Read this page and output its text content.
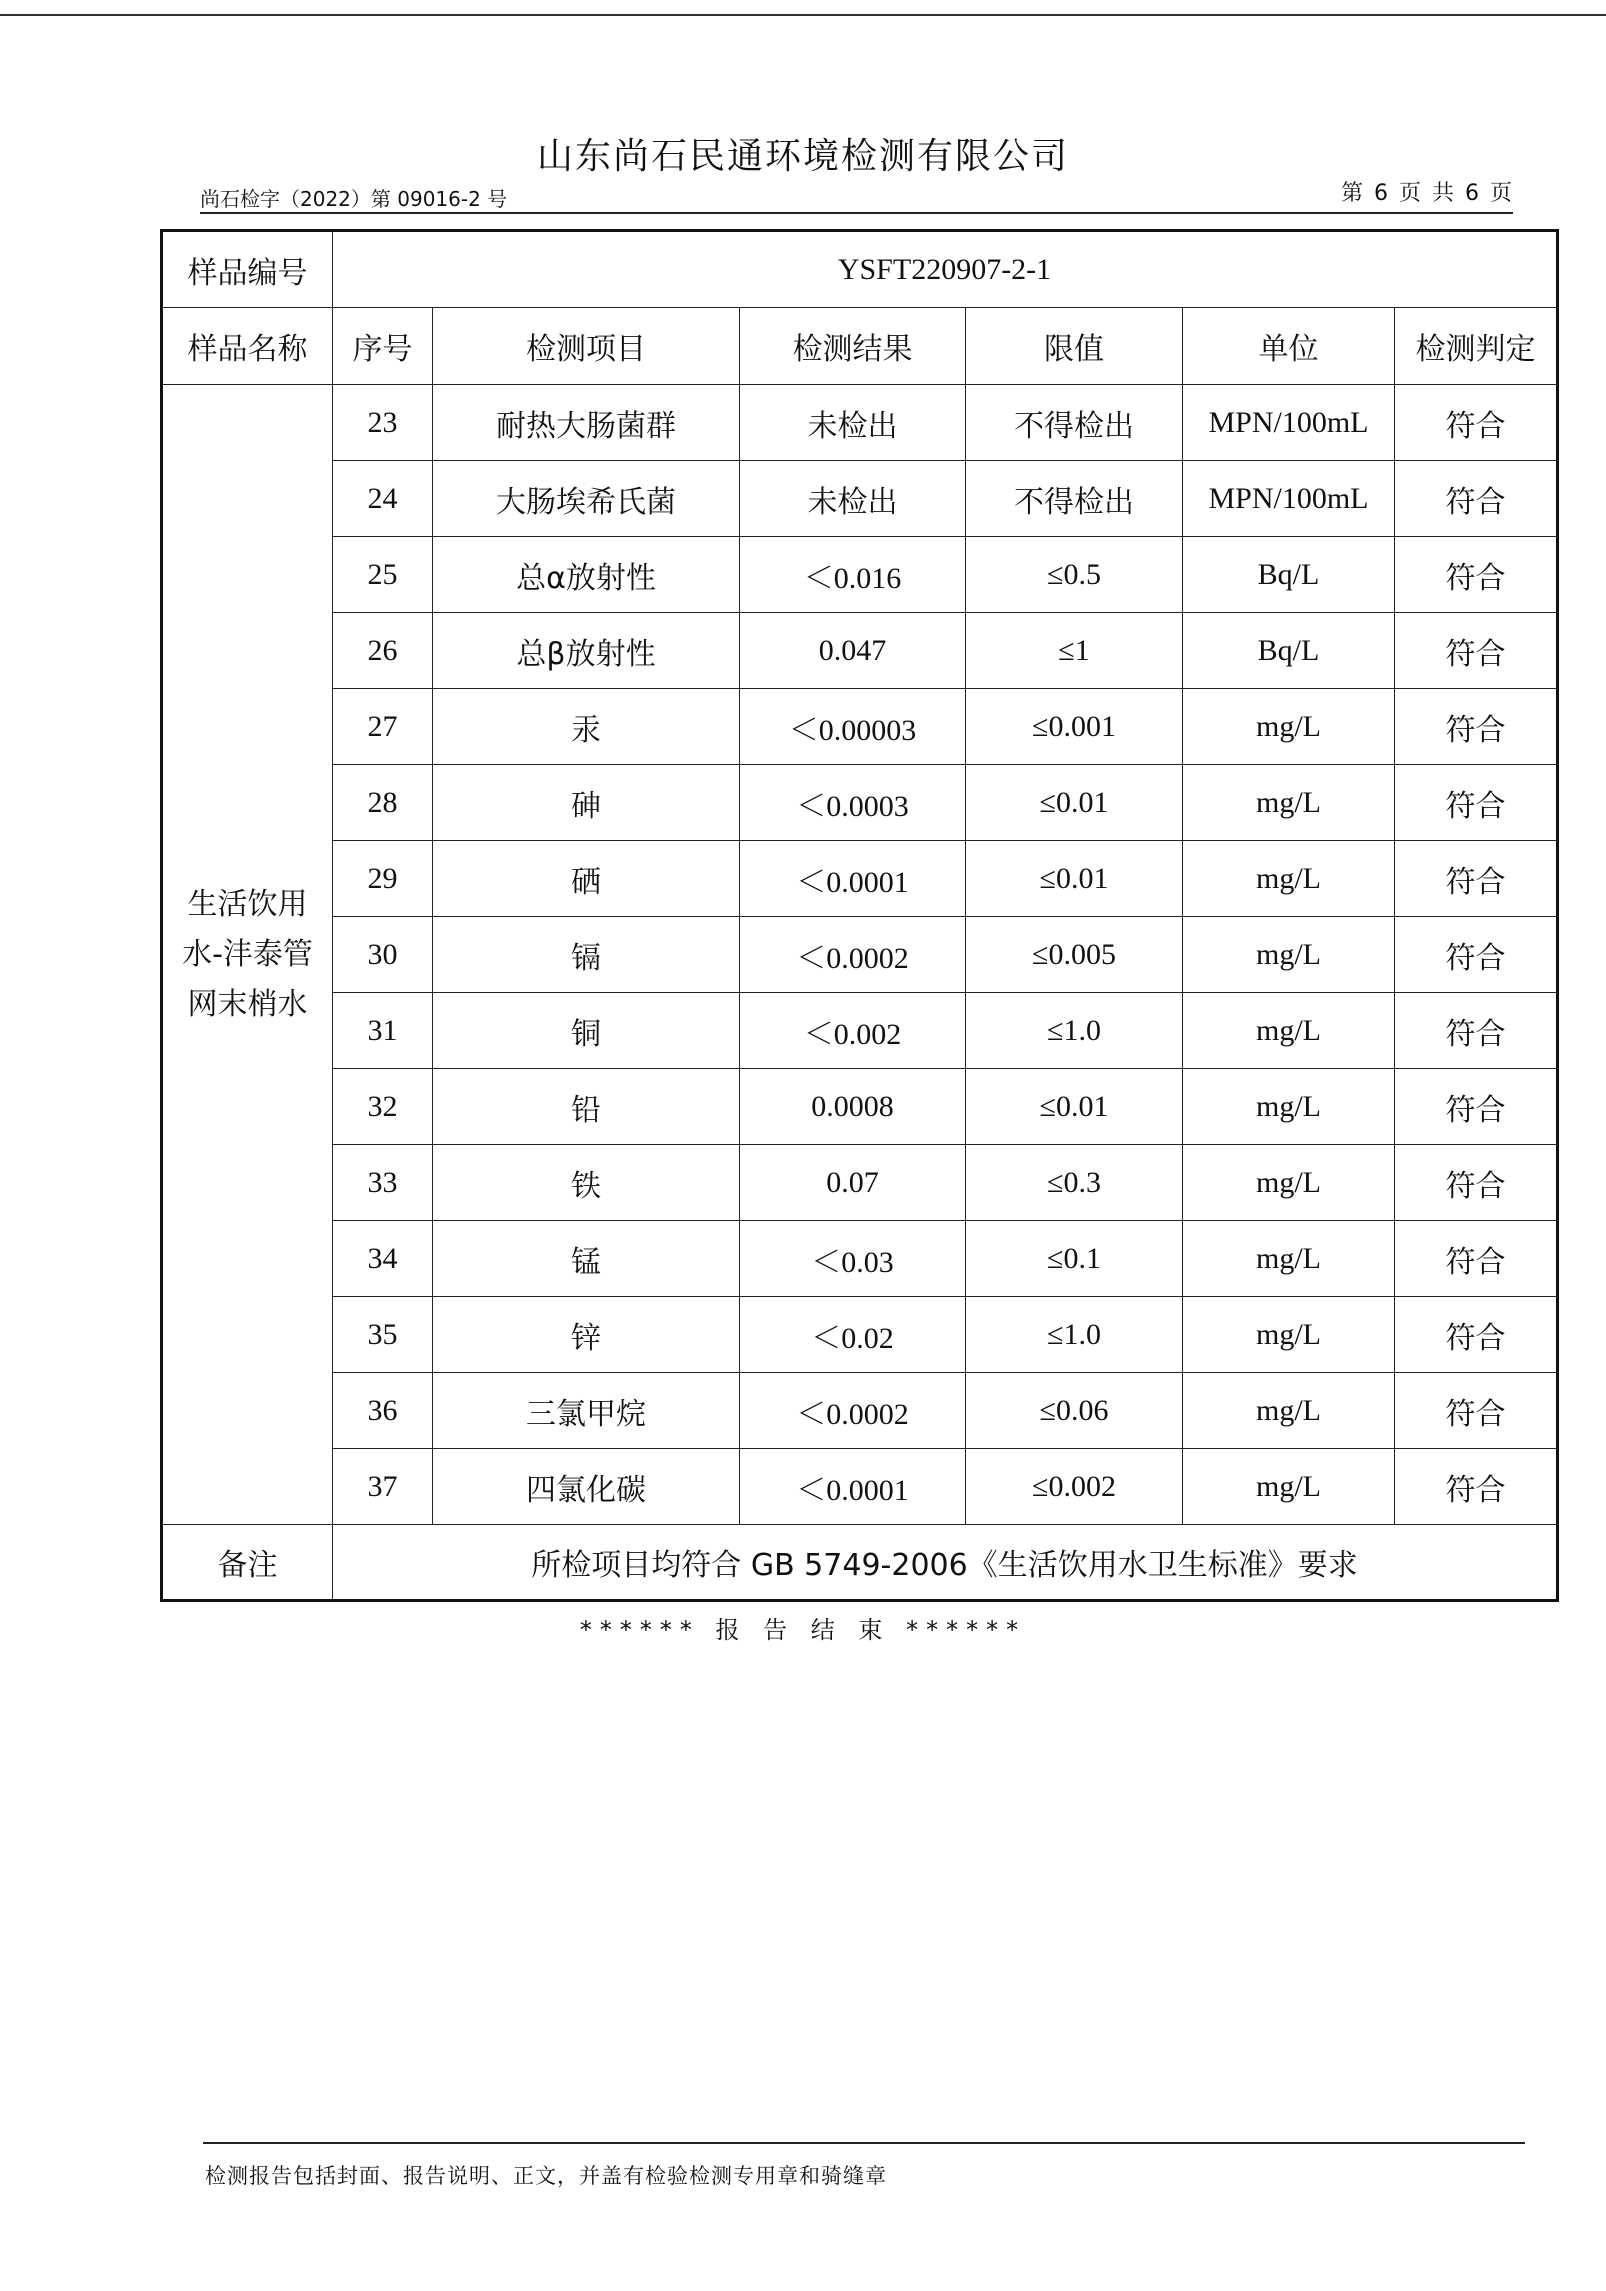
山东尚石民通环境检测有限公司
尚石检字（2022）第 09016-2 号	第 6 页 共 6 页
样品编号	YSFT220907-2-1					
样品名称	序号	检测项目	检测结果	限值	单位	检测判定
生活饮用水-沣泰管网末梢水	23	耐热大肠菌群	未检出	不得检出	MPN/100mL	符合
	24	大肠埃希氏菌	未检出	不得检出	MPN/100mL	符合
	25	总α放射性	＜0.016	≤0.5	Bq/L	符合
	26	总β放射性	0.047	≤1	Bq/L	符合
	27	汞	＜0.00003	≤0.001	mg/L	符合
	28	砷	＜0.0003	≤0.01	mg/L	符合
	29	硒	＜0.0001	≤0.01	mg/L	符合
	30	镉	＜0.0002	≤0.005	mg/L	符合
	31	铜	＜0.002	≤1.0	mg/L	符合
	32	铅	0.0008	≤0.01	mg/L	符合
	33	铁	0.07	≤0.3	mg/L	符合
	34	锰	＜0.03	≤0.1	mg/L	符合
	35	锌	＜0.02	≤1.0	mg/L	符合
	36	三氯甲烷	＜0.0002	≤0.06	mg/L	符合
	37	四氯化碳	＜0.0001	≤0.002	mg/L	符合
备注	所检项目均符合 GB 5749-2006《生活饮用水卫生标准》要求					
****** 报 告 结 束 ******
检测报告包括封面、报告说明、正文，并盖有检验检测专用章和骑缝章
